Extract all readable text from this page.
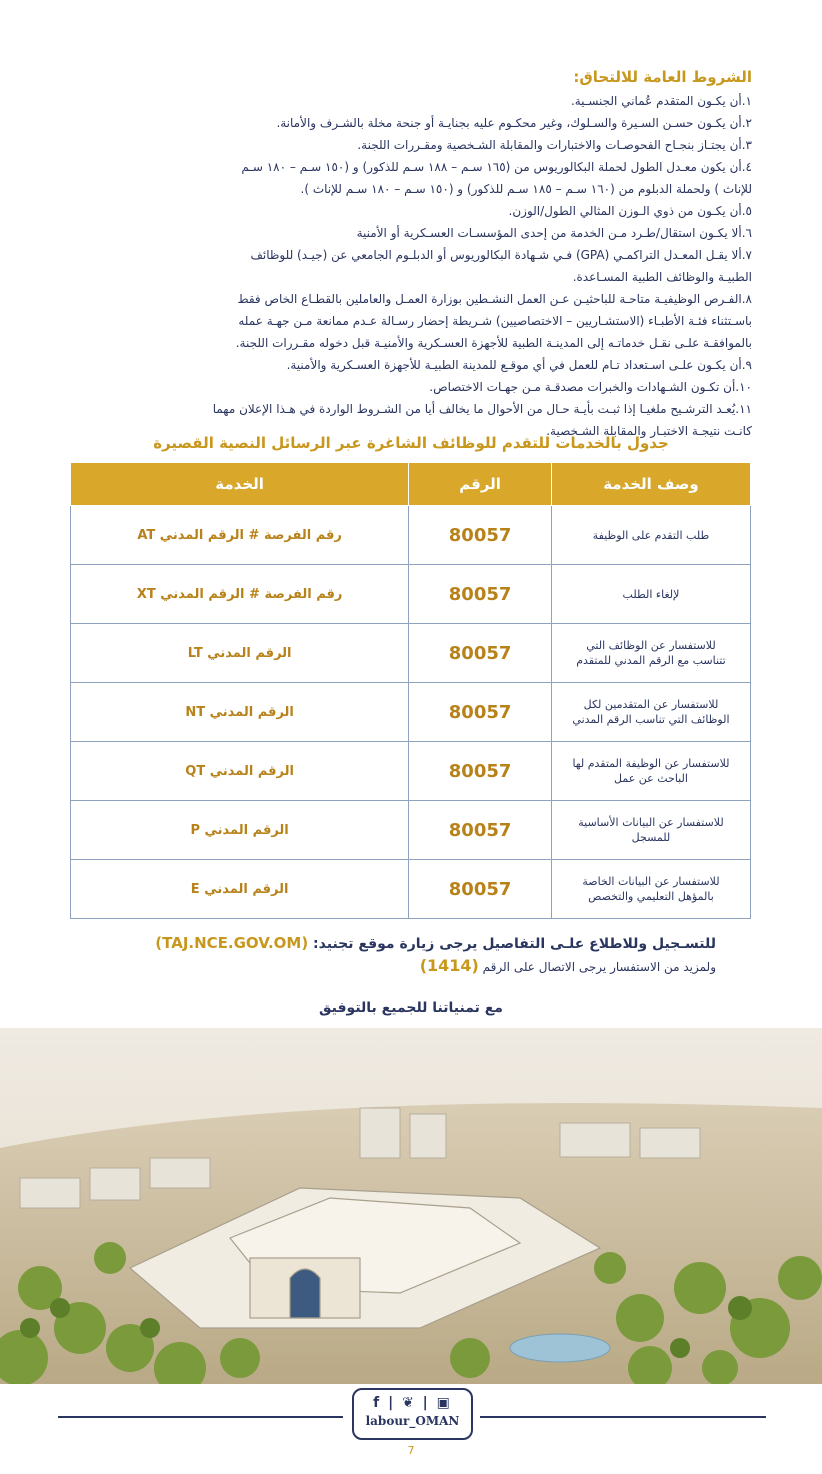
الشروط العامة للالتحاق:

١.أن يكـون المتقدم عُماني الجنسـية.

٢.أن يكـون حسـن السـيرة والسـلوك، وغير محكـوم عليه بجنايـة أو جنحة مخلة بالشـرف والأمانة.

٣.أن يجتـاز بنجـاح الفحوصـات والاختبارات والمقابلة الشـخصية ومقـررات اللجنة.

٤.أن يكون معـدل الطول لحملة البكالوريوس من (١٦٥ سـم – ١٨٨ سـم للذكور) و (١٥٠ سـم – ١٨٠ سـم

للإناث ) ولحملة الدبلوم من (١٦٠ سـم – ١٨٥ سـم للذكور) و (١٥٠ سـم – ١٨٠ سـم للإناث ).

٥.أن يكـون من ذوي الـوزن المثالي الطول/الوزن.

٦.ألا يكـون استقال/طـرد مـن الخدمة من إحدى المؤسسـات العسـكرية أو الأمنية

٧.ألا يقـل المعـدل التراكمـي (GPA) فـي شـهادة البكالوريوس أو الدبلـوم الجامعي عن (جيـد) للوظائف

الطبيـة والوظائف الطبية المسـاعدة.

٨.الفـرص الوظيفيـة متاحـة للباحثيـن عـن العمل النشـطين بوزارة العمـل والعاملين بالقطـاع الخاص فقط

باسـتثناء فئـة الأطبـاء (الاستشـاريين – الاختصاصيين) شـريطة إحضار رسـالة عـدم ممانعة مـن جهـة عمله

بالموافقـة علـى نقـل خدماتـه إلى المدينـة الطبية للأجهزة العسـكرية والأمنيـة قبل دخوله مقـررات اللجنة.

٩.أن يكـون علـى اسـتعداد تـام للعمل في أي موقـع للمدينة الطبيـة للأجهزة العسـكرية والأمنية.

١٠.أن تكـون الشـهادات والخبرات مصدقـة مـن جهـات الاختصاص.

١١.يُعـد الترشـيح ملغيـا إذا ثبـت بأيـة حـال من الأحوال ما يخالف أيا من الشـروط الواردة في هـذا الإعلان مهما

كانـت نتيجـة الاختبـار والمقابلة الشـخصية.

جدول بالخدمات للتقدم للوظائف الشاغرة عبر الرسائل النصية القصيرة
وصف الخدمة	الرقم	الخدمة
طلب التقدم على الوظيفة	80057	رقم الفرصة # الرقم المدني AT
لإلغاء الطلب	80057	رقم الفرصة # الرقم المدني XT
للاستفسار عن الوظائف التي تتناسب مع الرقم المدني للمتقدم	80057	الرقم المدني LT
للاستفسار عن المتقدمين لكل الوظائف التي تناسب الرقم المدني	80057	الرقم المدني NT
للاستفسار عن الوظيفة المتقدم لها الباحث عن عمل	80057	الرقم المدني QT
للاستفسار عن البيانات الأساسية للمسجل	80057	الرقم المدني P
للاستفسار عن البيانات الخاصة بالمؤهل التعليمي والتخصص	80057	الرقم المدني E
للتسـجيل وللاطلاع علـى التفاصيل يرجى زيارة موقع تجنيد: (TAJ.NCE.GOV.OM)
ولمزيد من الاستفسار يرجى الاتصال على الرقم (1414)
مع تمنياتنا للجميع بالتوفيق
f | ❦ | ▣
labour_OMAN
7
